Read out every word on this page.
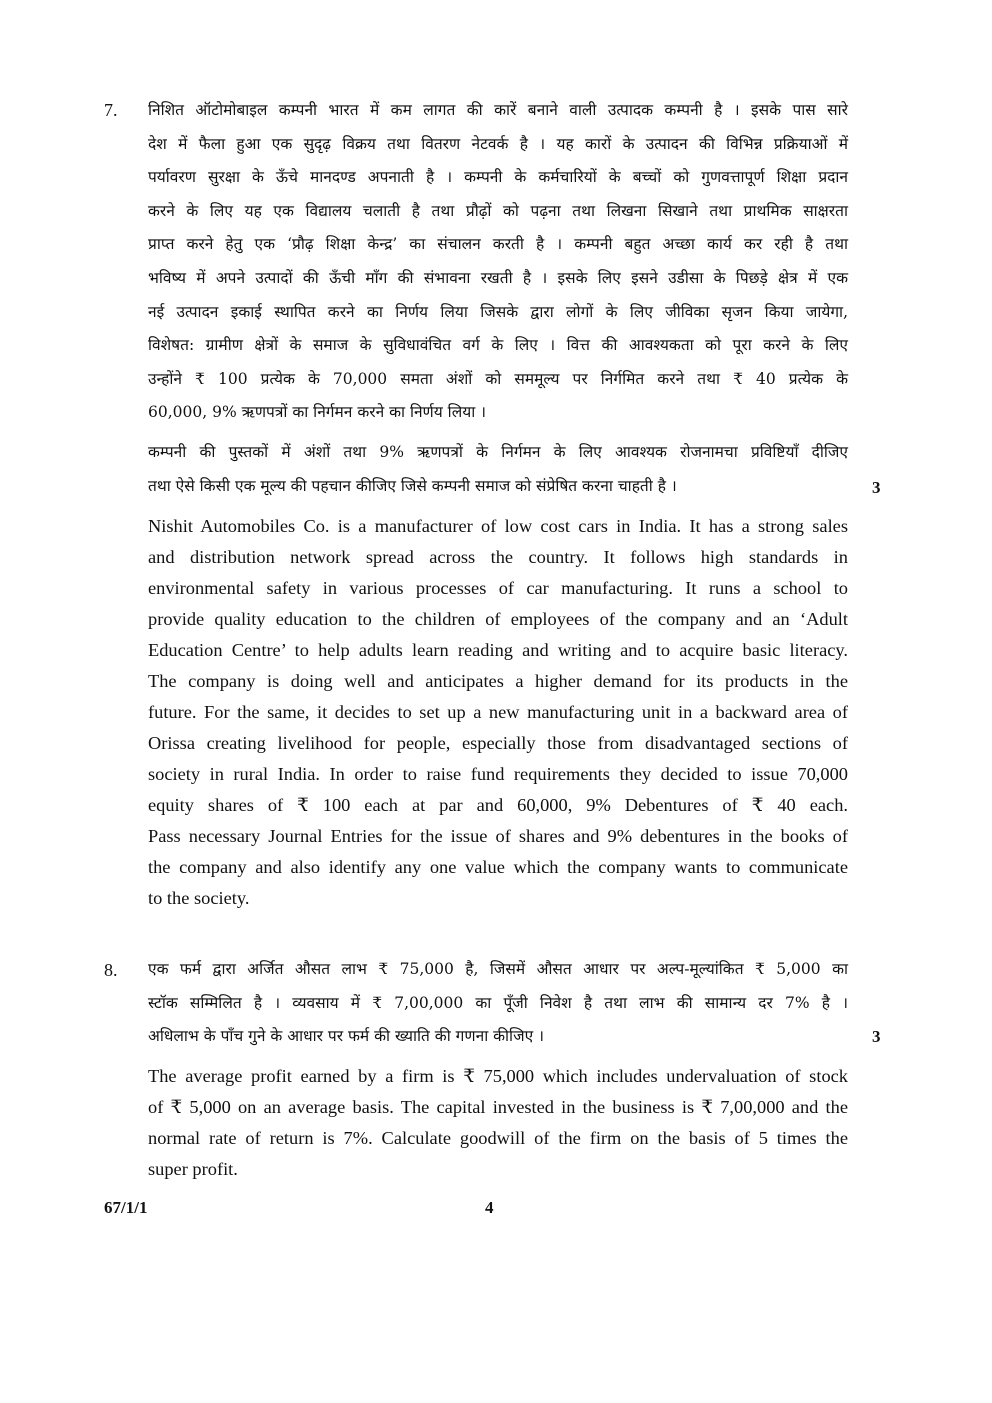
7. निशित ऑटोमोबाइल कम्पनी भारत में कम लागत की कारें बनाने वाली उत्पादक कम्पनी है । इसके पास सारे
देश में फैला हुआ एक सुदृढ़ विक्रय तथा वितरण नेटवर्क है । यह कारों के उत्पादन की विभिन्न प्रक्रियाओं में
पर्यावरण सुरक्षा के ऊँचे मानदण्ड अपनाती है । कम्पनी के कर्मचारियों के बच्चों को गुणवत्तापूर्ण शिक्षा प्रदान
करने के लिए यह एक विद्यालय चलाती है तथा प्रौढ़ों को पढ़ना तथा लिखना सिखाने तथा प्राथमिक साक्षरता
प्राप्त करने हेतु एक ‘प्रौढ़ शिक्षा केन्द्र’ का संचालन करती है । कम्पनी बहुत अच्छा कार्य कर रही है तथा
भविष्य में अपने उत्पादों की ऊँची माँग की संभावना रखती है । इसके लिए इसने उडीसा के पिछड़े क्षेत्र में एक
नई उत्पादन इकाई स्थापित करने का निर्णय लिया जिसके द्वारा लोगों के लिए जीविका सृजन किया जायेगा,
विशेषत: ग्रामीण क्षेत्रों के समाज के सुविधावंचित वर्ग के लिए । वित्त की आवश्यकता को पूरा करने के लिए
उन्होंने ₹ 100 प्रत्येक के 70,000 समता अंशों को सममूल्य पर निर्गमित करने तथा ₹ 40 प्रत्येक के
60,000, 9% ऋणपत्रों का निर्गमन करने का निर्णय लिया ।
कम्पनी की पुस्तकों में अंशों तथा 9% ऋणपत्रों के निर्गमन के लिए आवश्यक रोजनामचा प्रविष्टियाँ दीजिए
तथा ऐसे किसी एक मूल्य की पहचान कीजिए जिसे कम्पनी समाज को संप्रेषित करना चाहती है ।	3
Nishit Automobiles Co. is a manufacturer of low cost cars in India. It has a strong sales
and distribution network spread across the country. It follows high standards in
environmental safety in various processes of car manufacturing. It runs a school to
provide quality education to the children of employees of the company and an ‘Adult
Education Centre’ to help adults learn reading and writing and to acquire basic literacy.
The company is doing well and anticipates a higher demand for its products in the
future. For the same, it decides to set up a new manufacturing unit in a backward area of
Orissa creating livelihood for people, especially those from disadvantaged sections of
society in rural India. In order to raise fund requirements they decided to issue 70,000
equity shares of ₹ 100 each at par and 60,000, 9% Debentures of ₹ 40 each.
Pass necessary Journal Entries for the issue of shares and 9% debentures in the books of
the company and also identify any one value which the company wants to communicate
to the society.
8. एक फर्म द्वारा अर्जित औसत लाभ ₹ 75,000 है, जिसमें औसत आधार पर अल्प-मूल्यांकित ₹ 5,000 का
स्टॉक सम्मिलित है । व्यवसाय में ₹ 7,00,000 का पूँजी निवेश है तथा लाभ की सामान्य दर 7% है ।
अधिलाभ के पाँच गुने के आधार पर फर्म की ख्याति की गणना कीजिए ।	3
The average profit earned by a firm is ₹ 75,000 which includes undervaluation of stock
of ₹ 5,000 on an average basis. The capital invested in the business is ₹ 7,00,000 and the
normal rate of return is 7%. Calculate goodwill of the firm on the basis of 5 times the
super profit.
67/1/1	4
